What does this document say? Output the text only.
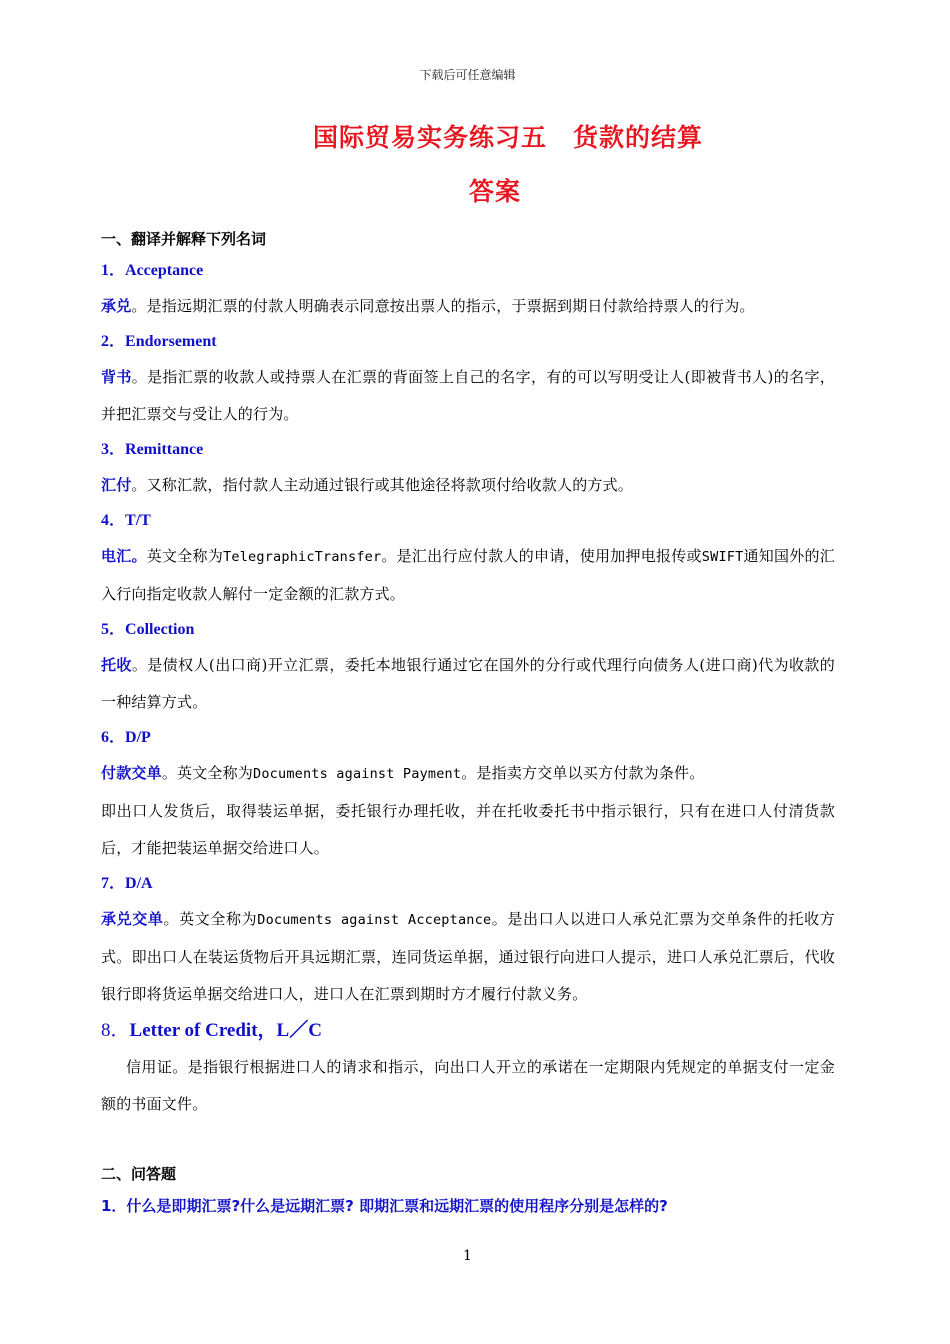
下载后可任意编辑
国际贸易实务练习五　货款的结算
答案
一、翻译并解释下列名词
1．Acceptance
承兑。是指远期汇票的付款人明确表示同意按出票人的指示，于票据到期日付款给持票人的行为。
2．Endorsement
背书。是指汇票的收款人或持票人在汇票的背面签上自己的名字，有的可以写明受让人(即被背书人)的名字，并把汇票交与受让人的行为。
3．Remittance
汇付。又称汇款，指付款人主动通过银行或其他途径将款项付给收款人的方式。
4．T/T
电汇。英文全称为TelegraphicTransfer。是汇出行应付款人的申请，使用加押电报传或SWIFT通知国外的汇入行向指定收款人解付一定金额的汇款方式。
5．Collection
托收。是债权人(出口商)开立汇票，委托本地银行通过它在国外的分行或代理行向债务人(进口商)代为收款的一种结算方式。
6．D/P
付款交单。英文全称为Documents against Payment。是指卖方交单以买方付款为条件。
即出口人发货后，取得装运单据，委托银行办理托收，并在托收委托书中指示银行，只有在进口人付清货款后，才能把装运单据交给进口人。
7．D/A
承兑交单。英文全称为Documents against Acceptance。是出口人以进口人承兑汇票为交单条件的托收方式。即出口人在装运货物后开具远期汇票，连同货运单据，通过银行向进口人提示，进口人承兑汇票后，代收银行即将货运单据交给进口人，进口人在汇票到期时方才履行付款义务。
8．Letter of Credit，L／C
信用证。是指银行根据进口人的请求和指示，向出口人开立的承诺在一定期限内凭规定的单据支付一定金额的书面文件。
二、问答题
1．什么是即期汇票?什么是远期汇票? 即期汇票和远期汇票的使用程序分别是怎样的?
1
